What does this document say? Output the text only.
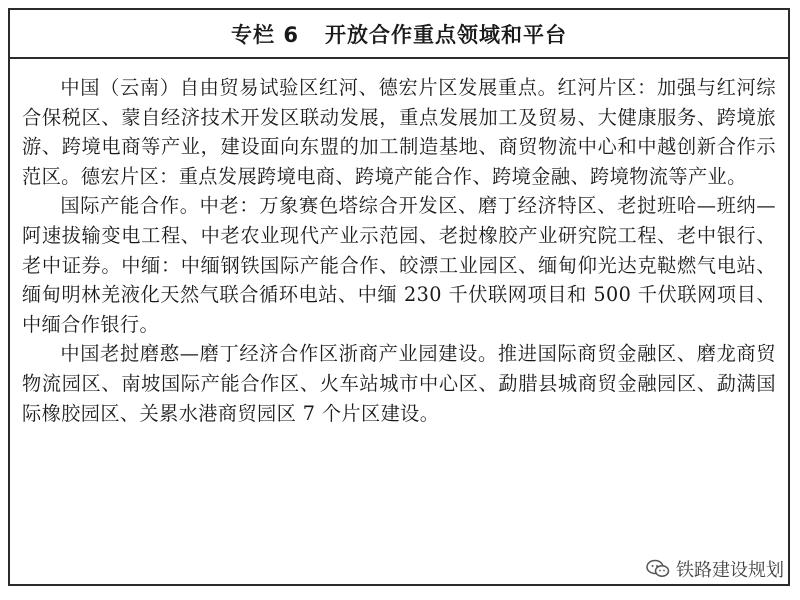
专栏 6 开放合作重点领域和平台

中国（云南）自由贸易试验区红河、德宏片区发展重点。红河片区：加强与红河综合保税区、蒙自经济技术开发区联动发展，重点发展加工及贸易、大健康服务、跨境旅游、跨境电商等产业，建设面向东盟的加工制造基地、商贸物流中心和中越创新合作示范区。德宏片区：重点发展跨境电商、跨境产能合作、跨境金融、跨境物流等产业。

国际产能合作。中老：万象赛色塔综合开发区、磨丁经济特区、老挝班哈—班纳—阿速拔输变电工程、中老农业现代产业示范园、老挝橡胶产业研究院工程、老中银行、老中证券。中缅：中缅钢铁国际产能合作、皎漂工业园区、缅甸仰光达克鞑燃气电站、缅甸明林羌液化天然气联合循环电站、中缅 230 千伏联网项目和 500 千伏联网项目、中缅合作银行。

中国老挝磨憨—磨丁经济合作区浙商产业园建设。推进国际商贸金融区、磨龙商贸物流园区、南坡国际产能合作区、火车站城市中心区、勐腊县城商贸金融园区、勐满国际橡胶园区、关累水港商贸园区 7 个片区建设。

铁路建设规划
